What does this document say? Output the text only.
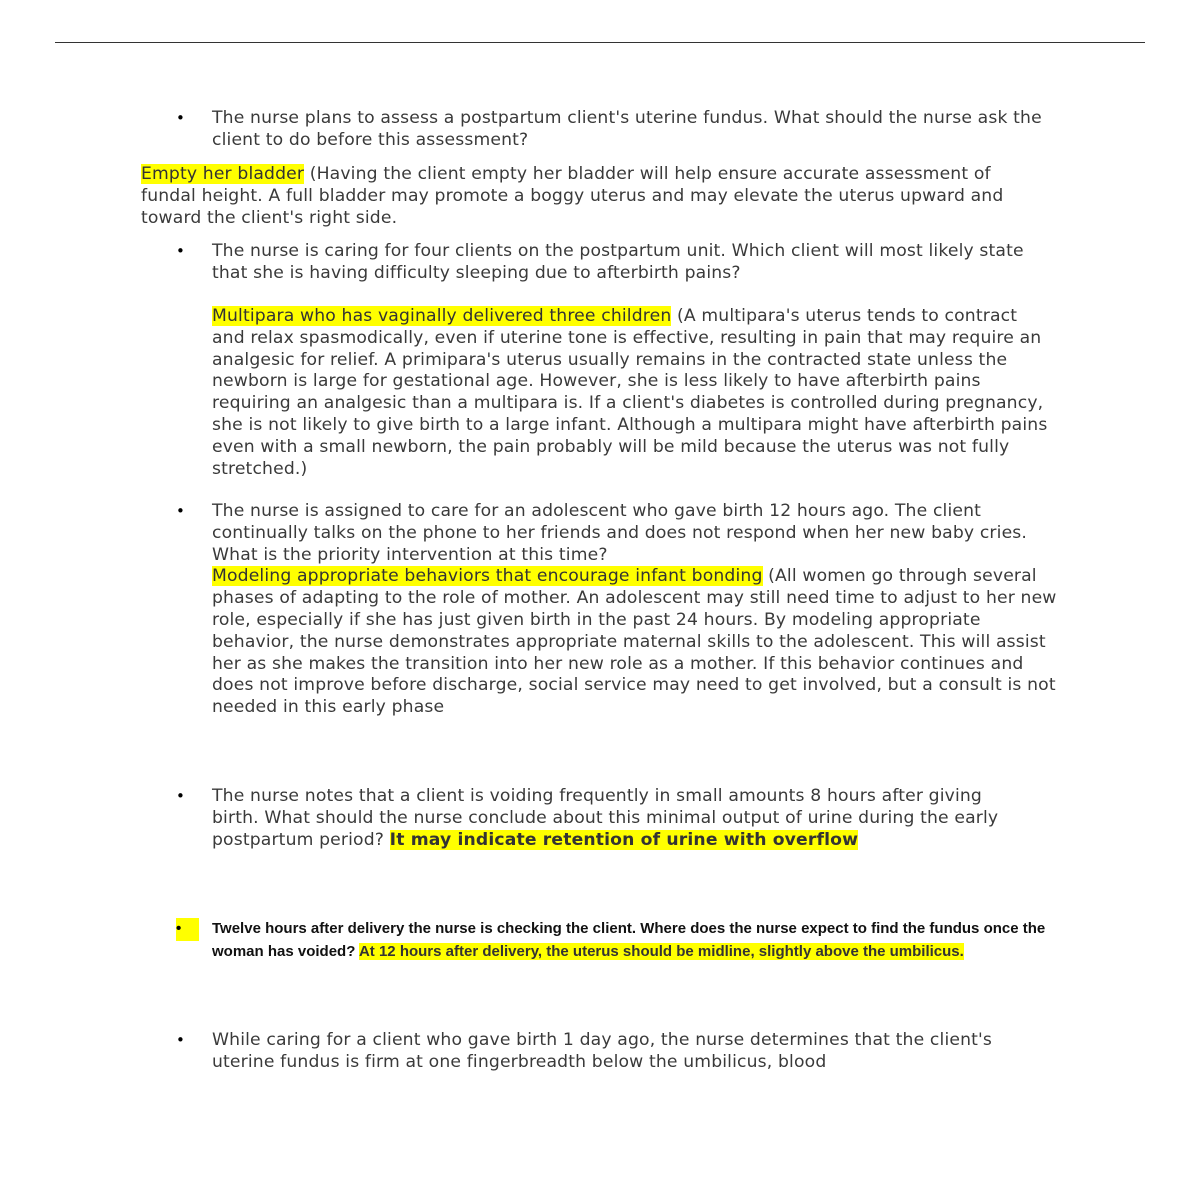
• The nurse plans to assess a postpartum client's uterine fundus. What should the nurse ask the client to do before this assessment?
Empty her bladder (Having the client empty her bladder will help ensure accurate assessment of fundal height. A full bladder may promote a boggy uterus and may elevate the uterus upward and toward the client's right side.
• The nurse is caring for four clients on the postpartum unit. Which client will most likely state that she is having difficulty sleeping due to afterbirth pains?
Multipara who has vaginally delivered three children (A multipara's uterus tends to contract and relax spasmodically, even if uterine tone is effective, resulting in pain that may require an analgesic for relief. A primipara's uterus usually remains in the contracted state unless the newborn is large for gestational age. However, she is less likely to have afterbirth pains requiring an analgesic than a multipara is. If a client's diabetes is controlled during pregnancy, she is not likely to give birth to a large infant. Although a multipara might have afterbirth pains even with a small newborn, the pain probably will be mild because the uterus was not fully stretched.)
• The nurse is assigned to care for an adolescent who gave birth 12 hours ago. The client continually talks on the phone to her friends and does not respond when her new baby cries. What is the priority intervention at this time?
Modeling appropriate behaviors that encourage infant bonding (All women go through several phases of adapting to the role of mother. An adolescent may still need time to adjust to her new role, especially if she has just given birth in the past 24 hours. By modeling appropriate behavior, the nurse demonstrates appropriate maternal skills to the adolescent. This will assist her as she makes the transition into her new role as a mother. If this behavior continues and does not improve before discharge, social service may need to get involved, but a consult is not needed in this early phase
• The nurse notes that a client is voiding frequently in small amounts 8 hours after giving birth. What should the nurse conclude about this minimal output of urine during the early postpartum period? It may indicate retention of urine with overflow
•	Twelve hours after delivery the nurse is checking the client. Where does the nurse expect to find the fundus once the woman has voided? At 12 hours after delivery, the uterus should be midline, slightly above the umbilicus.
• While caring for a client who gave birth 1 day ago, the nurse determines that the client's uterine fundus is firm at one fingerbreadth below the umbilicus, blood
